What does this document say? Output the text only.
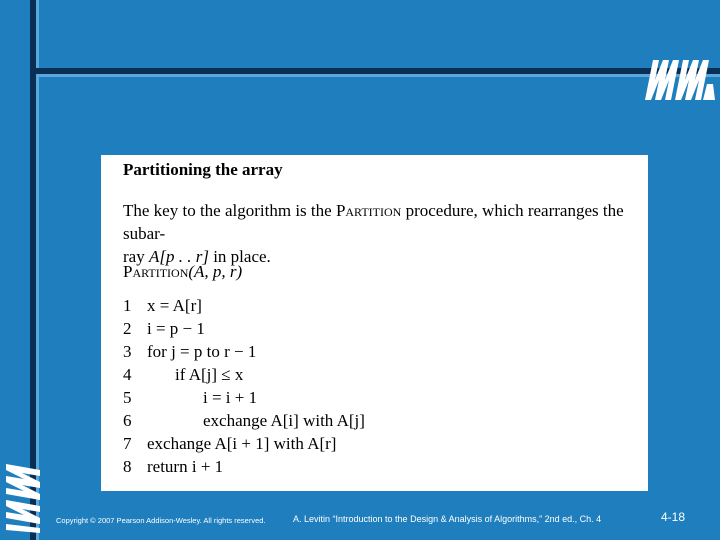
Partitioning the array
The key to the algorithm is the Partition procedure, which rearranges the subar-
ray A[p . . r] in place.
Partition(A, p, r)
1 x = A[r]
2 i = p − 1
3 for j = p to r − 1
4	if A[j] ≤ x
5	i = i + 1
6	exchange A[i] with A[j]
7 exchange A[i + 1] with A[r]
8 return i + 1
Copyright © 2007 Pearson Addison-Wesley. All rights reserved.	A. Levitin “Introduction to the Design & Analysis of Algorithms,” 2nd ed., Ch. 4	4-18
